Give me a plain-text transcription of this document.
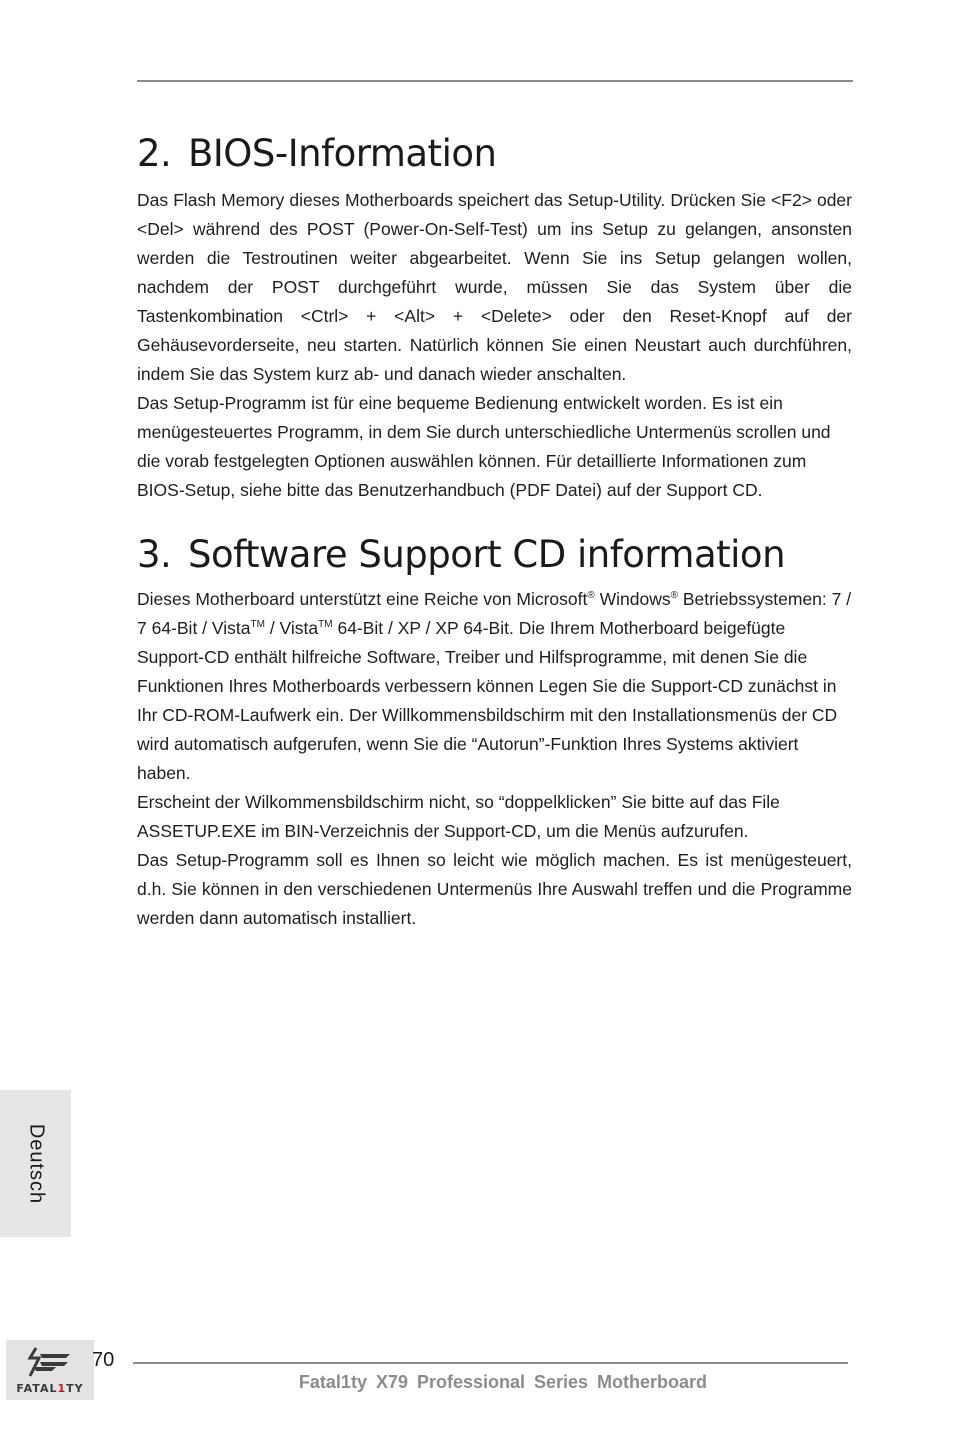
2. BIOS-Information

Das Flash Memory dieses Motherboards speichert das Setup-Utility. Drücken Sie <F2> oder <Del> während des POST (Power-On-Self-Test) um ins Setup zu gelangen, ansonsten werden die Testroutinen weiter abgearbeitet. Wenn Sie ins Setup gelangen wollen, nachdem der POST durchgeführt wurde, müssen Sie das System über die Tastenkombination <Ctrl> + <Alt> + <Delete> oder den Reset-Knopf auf der Gehäusevorderseite, neu starten. Natürlich können Sie einen Neustart auch durchführen, indem Sie das System kurz ab- und danach wieder anschalten.

Das Setup-Programm ist für eine bequeme Bedienung entwickelt worden. Es ist ein menügesteuertes Programm, in dem Sie durch unterschiedliche Untermenüs scrollen und die vorab festgelegten Optionen auswählen können. Für detaillierte Informationen zum BIOS-Setup, siehe bitte das Benutzerhandbuch (PDF Datei) auf der Support CD.

3. Software Support CD information

Dieses Motherboard unterstützt eine Reiche von Microsoft® Windows® Betriebssystemen: 7 / 7 64-Bit / Vista™ / Vista™ 64-Bit / XP / XP 64-Bit. Die Ihrem Motherboard beigefügte Support-CD enthält hilfreiche Software, Treiber und Hilfsprogramme, mit denen Sie die Funktionen Ihres Motherboards verbessern können Legen Sie die Support-CD zunächst in Ihr CD-ROM-Laufwerk ein. Der Willkommensbildschirm mit den Installationsmenüs der CD wird automatisch aufgerufen, wenn Sie die “Autorun”-Funktion Ihres Systems aktiviert haben.

Erscheint der Wilkommensbildschirm nicht, so “doppelklicken” Sie bitte auf das File ASSETUP.EXE im BIN-Verzeichnis der Support-CD, um die Menüs aufzurufen.

Das Setup-Programm soll es Ihnen so leicht wie möglich machen. Es ist menügesteuert, d.h. Sie können in den verschiedenen Untermenüs Ihre Auswahl treffen und die Programme werden dann automatisch installiert.

Deutsch
FATAL1TY
70
Fatal1ty X79 Professional Series Motherboard
